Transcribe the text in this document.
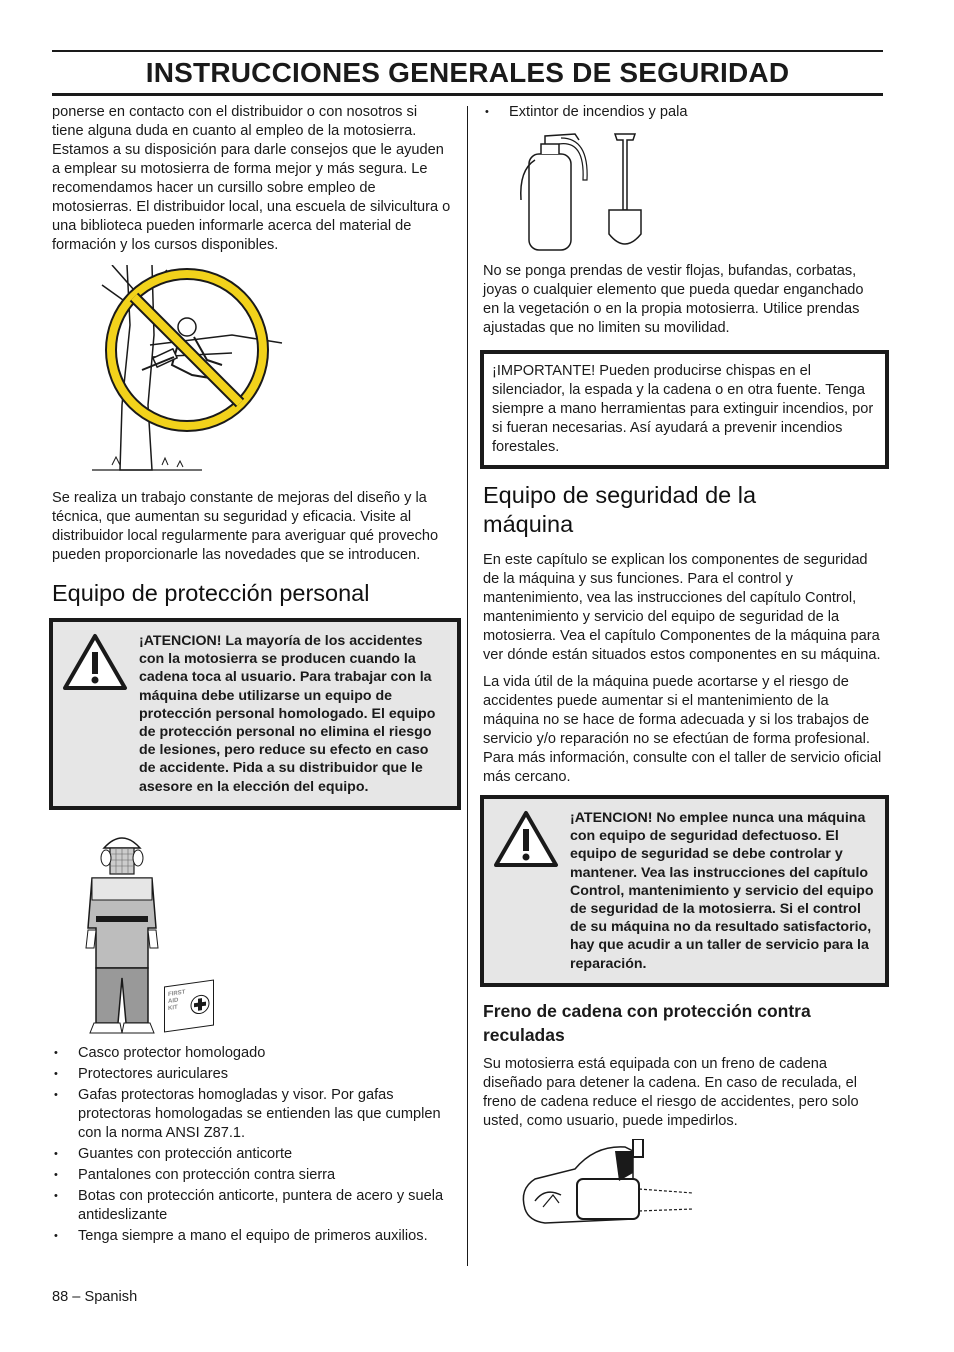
INSTRUCCIONES GENERALES DE SEGURIDAD

ponerse en contacto con el distribuidor o con nosotros si tiene alguna duda en cuanto al empleo de la motosierra. Estamos a su disposición para darle consejos que le ayuden a emplear su motosierra de forma mejor y más segura. Le recomendamos hacer un cursillo sobre empleo de motosierras. El distribuidor local, una escuela de silvicultura o una biblioteca pueden informarle acerca del material de formación y los cursos disponibles.

Se realiza un trabajo constante de mejoras del diseño y la técnica, que aumentan su seguridad y eficacia. Visite al distribuidor local regularmente para averiguar qué provecho pueden proporcionarle las novedades que se introducen.

Equipo de protección personal
¡ATENCION! La mayoría de los accidentes con la motosierra se producen cuando la cadena toca al usuario. Para trabajar con la máquina debe utilizarse un equipo de protección personal homologado. El equipo de protección personal no elimina el riesgo de lesiones, pero reduce su efecto en caso de accidente. Pida a su distribuidor que le asesore en la elección del equipo.
FIRST AID KIT
• Casco protector homologado
• Protectores auriculares
• Gafas protectoras homogladas y visor. Por gafas protectoras homologadas se entienden las que cumplen con la norma ANSI Z87.1.
• Guantes con protección anticorte
• Pantalones con protección contra sierra
• Botas con protección anticorte, puntera de acero y suela antideslizante
• Tenga siempre a mano el equipo de primeros auxilios.
• Extintor de incendios y pala

No se ponga prendas de vestir flojas, bufandas, corbatas, joyas o cualquier elemento que pueda quedar enganchado en la vegetación o en la propia motosierra. Utilice prendas ajustadas que no limiten su movilidad.

¡IMPORTANTE! Pueden producirse chispas en el silenciador, la espada y la cadena o en otra fuente. Tenga siempre a mano herramientas para extinguir incendios, por si fueran necesarias. Así ayudará a prevenir incendios forestales.

Equipo de seguridad de la máquina

En este capítulo se explican los componentes de seguridad de la máquina y sus funciones. Para el control y mantenimiento, vea las instrucciones del capítulo Control, mantenimiento y servicio del equipo de seguridad de la motosierra. Vea el capítulo Componentes de la máquina para ver dónde están situados estos componentes en su máquina.

La vida útil de la máquina puede acortarse y el riesgo de accidentes puede aumentar si el mantenimiento de la máquina no se hace de forma adecuada y si los trabajos de servicio y/o reparación no se efectúan de forma profesional. Para más información, consulte con el taller de servicio oficial más cercano.

¡ATENCION! No emplee nunca una máquina con equipo de seguridad defectuoso. El equipo de seguridad se debe controlar y mantener. Vea las instrucciones del capítulo Control, mantenimiento y servicio del equipo de seguridad de la motosierra. Si el control de su máquina no da resultado satisfactorio, hay que acudir a un taller de servicio para la reparación.
Freno de cadena con protección contra reculadas

Su motosierra está equipada con un freno de cadena diseñado para detener la cadena. En caso de reculada, el freno de cadena reduce el riesgo de accidentes, pero solo usted, como usuario, puede impedirlos.

88 – Spanish
